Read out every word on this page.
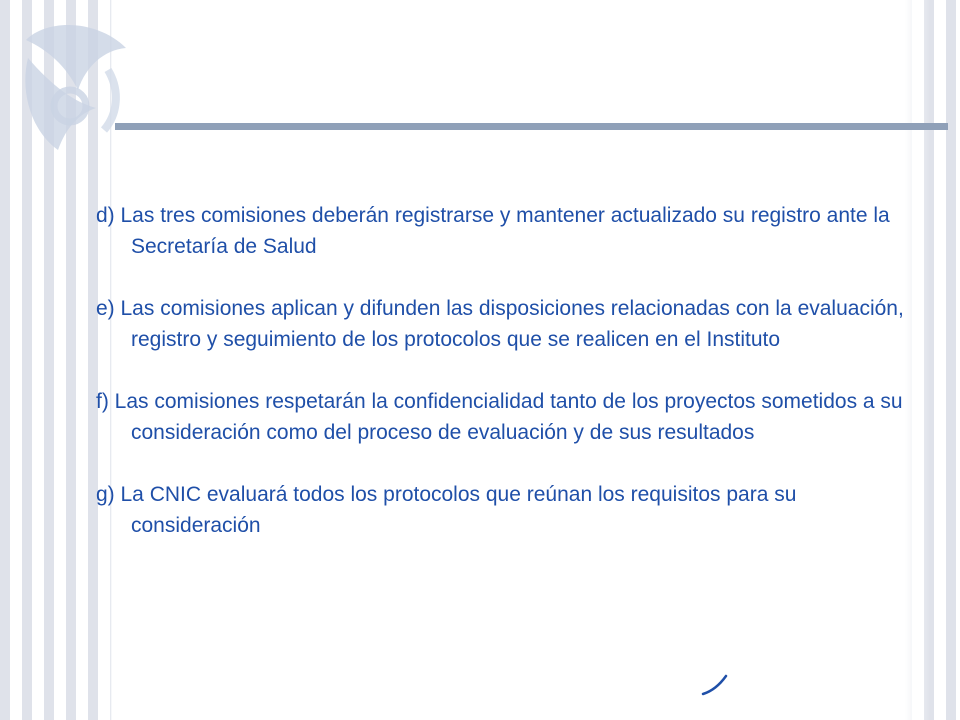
d) Las tres comisiones deberán registrarse y mantener actualizado su registro ante la Secretaría de Salud

e) Las comisiones aplican y difunden las disposiciones relacionadas con la evaluación, registro y seguimiento de los protocolos que se realicen en el Instituto

f) Las comisiones respetarán la confidencialidad tanto de los proyectos sometidos a su consideración como del proceso de evaluación y de sus resultados

g) La CNIC evaluará todos los protocolos que reúnan los requisitos para su consideración
